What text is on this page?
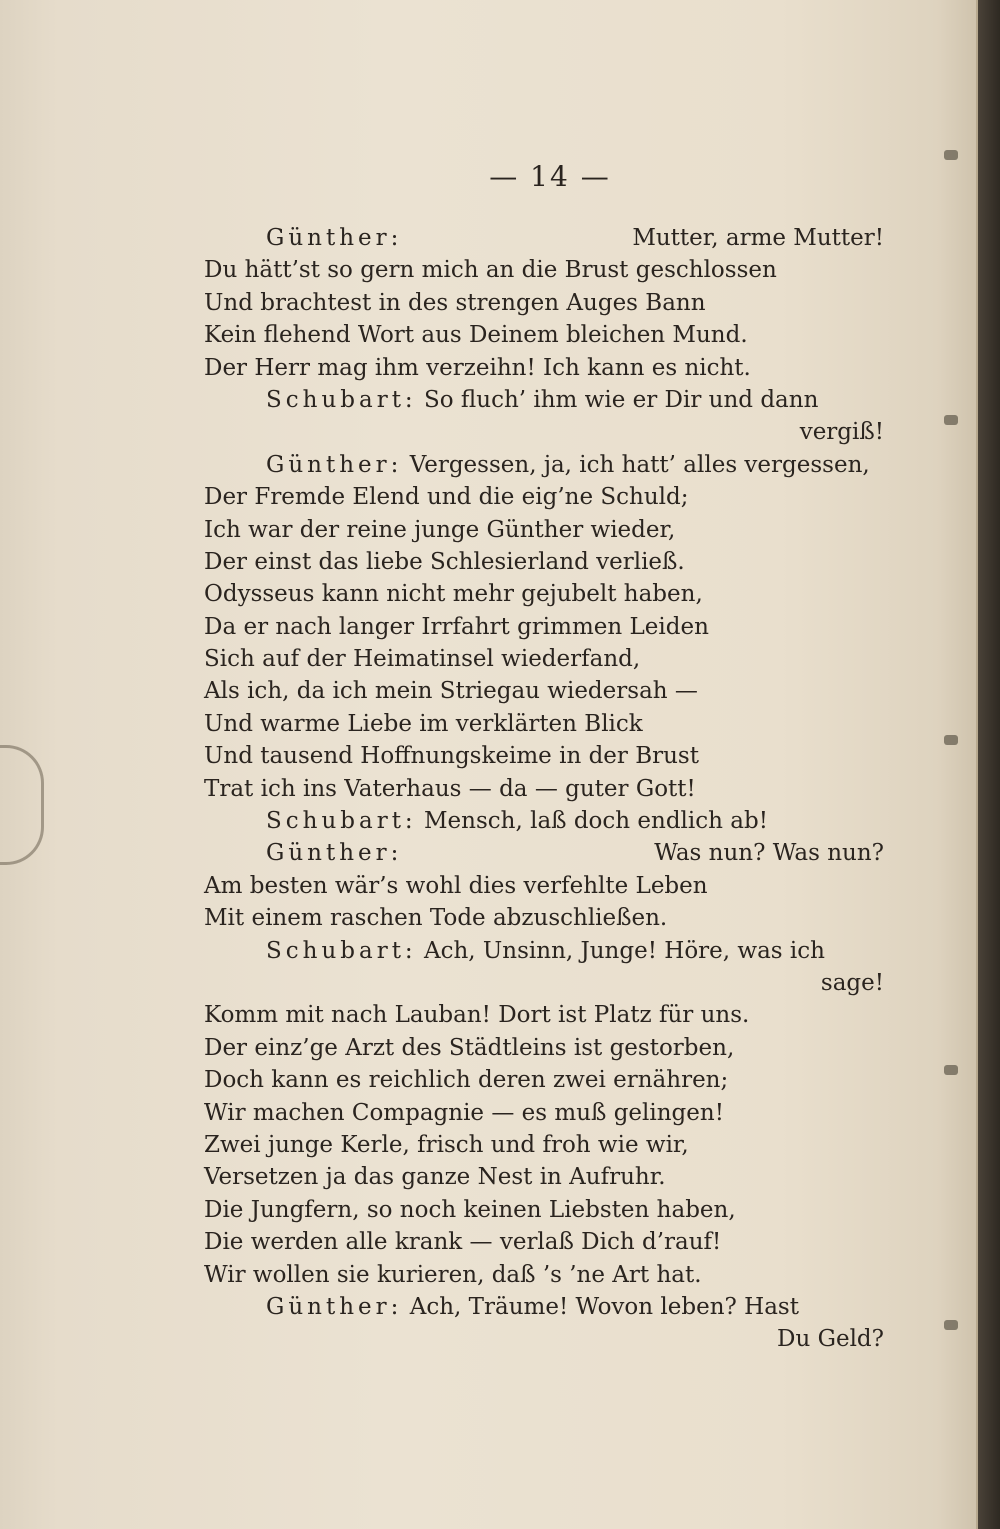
— 14 —
Günther:	Mutter, arme Mutter!
Du hätt’st so gern mich an die Brust geschlossen
Und brachtest in des strengen Auges Bann
Kein flehend Wort aus Deinem bleichen Mund.
Der Herr mag ihm verzeihn! Ich kann es nicht.
Schubart: So fluch’ ihm wie er Dir und dann
vergiß!
Günther: Vergessen, ja, ich hatt’ alles vergessen,
Der Fremde Elend und die eig’ne Schuld;
Ich war der reine junge Günther wieder,
Der einst das liebe Schlesierland verließ.
Odysseus kann nicht mehr gejubelt haben,
Da er nach langer Irrfahrt grimmen Leiden
Sich auf der Heimatinsel wiederfand,
Als ich, da ich mein Striegau wiedersah —
Und warme Liebe im verklärten Blick
Und tausend Hoffnungskeime in der Brust
Trat ich ins Vaterhaus — da — guter Gott!
Schubart: Mensch, laß doch endlich ab!
Günther:	Was nun? Was nun?
Am besten wär’s wohl dies verfehlte Leben
Mit einem raschen Tode abzuschließen.
Schubart: Ach, Unsinn, Junge! Höre, was ich
sage!
Komm mit nach Lauban! Dort ist Platz für uns.
Der einz’ge Arzt des Städtleins ist gestorben,
Doch kann es reichlich deren zwei ernähren;
Wir machen Compagnie — es muß gelingen!
Zwei junge Kerle, frisch und froh wie wir,
Versetzen ja das ganze Nest in Aufruhr.
Die Jungfern, so noch keinen Liebsten haben,
Die werden alle krank — verlaß Dich d’rauf!
Wir wollen sie kurieren, daß ’s ’ne Art hat.
Günther: Ach, Träume! Wovon leben? Hast
Du Geld?
